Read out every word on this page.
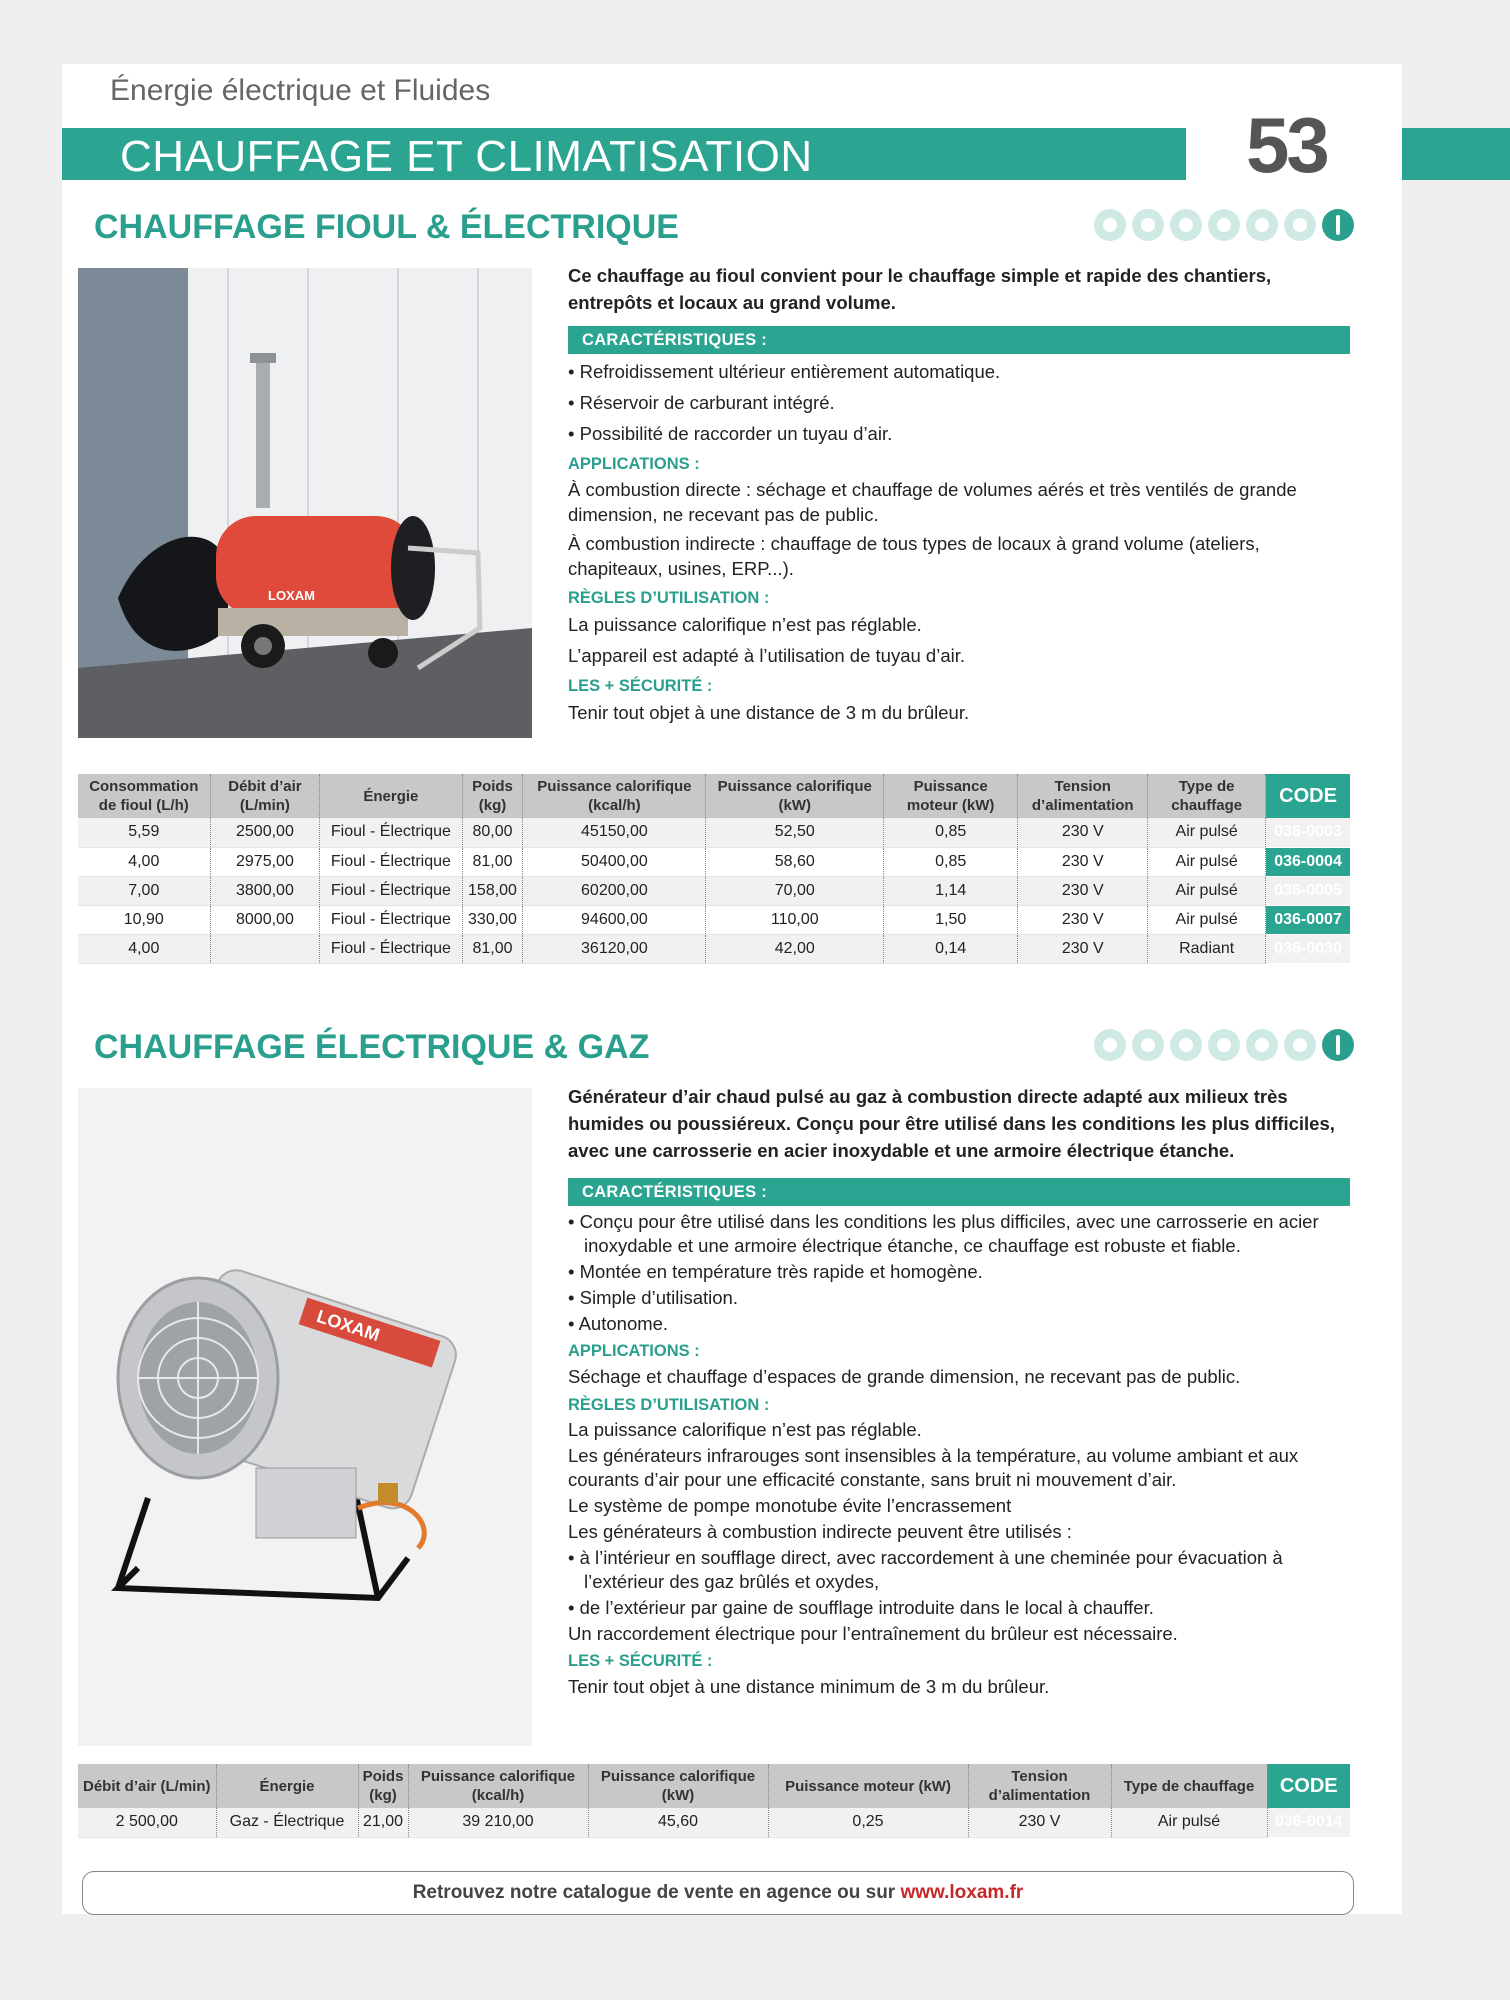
Énergie électrique et Fluides
CHAUFFAGE ET CLIMATISATION	53
CHAUFFAGE FIOUL & ÉLECTRIQUE
LOXAM

Ce chauffage au fioul convient pour le chauffage simple et rapide des chantiers, entrepôts et locaux au grand volume.

CARACTÉRISTIQUES :

• Refroidissement ultérieur entièrement automatique.

• Réservoir de carburant intégré.

• Possibilité de raccorder un tuyau d’air.

APPLICATIONS :

À combustion directe : séchage et chauffage de volumes aérés et très ventilés de grande dimension, ne recevant pas de public.

À combustion indirecte : chauffage de tous types de locaux à grand volume (ateliers, chapiteaux, usines, ERP...).

RÈGLES D’UTILISATION :

La puissance calorifique n’est pas réglable.

L’appareil est adapté à l’utilisation de tuyau d’air.

LES + SÉCURITÉ :

Tenir tout objet à une distance de 3 m du brûleur.

Consommation de fioul (L/h)	Débit d’air (L/min)	Énergie	Poids (kg)	Puissance calorifique (kcal/h)	Puissance calorifique (kW)	Puissance moteur (kW)	Tension d’alimentation	Type de chauffage	CODE
5,59	2500,00	Fioul - Électrique	80,00	45150,00	52,50	0,85	230 V	Air pulsé	036-0003
4,00	2975,00	Fioul - Électrique	81,00	50400,00	58,60	0,85	230 V	Air pulsé	036-0004
7,00	3800,00	Fioul - Électrique	158,00	60200,00	70,00	1,14	230 V	Air pulsé	036-0005
10,90	8000,00	Fioul - Électrique	330,00	94600,00	110,00	1,50	230 V	Air pulsé	036-0007
4,00		Fioul - Électrique	81,00	36120,00	42,00	0,14	230 V	Radiant	036-0030
CHAUFFAGE ÉLECTRIQUE & GAZ
LOXAM

Générateur d’air chaud pulsé au gaz à combustion directe adapté aux milieux très humides ou poussiéreux. Conçu pour être utilisé dans les conditions les plus difficiles, avec une carrosserie en acier inoxydable et une armoire électrique étanche.

CARACTÉRISTIQUES :

• Conçu pour être utilisé dans les conditions les plus difficiles, avec une carrosserie en acier inoxydable et une armoire électrique étanche, ce chauffage est robuste et fiable.

• Montée en température très rapide et homogène.

• Simple d’utilisation.

• Autonome.

APPLICATIONS :

Séchage et chauffage d’espaces de grande dimension, ne recevant pas de public.

RÈGLES D’UTILISATION :

La puissance calorifique n’est pas réglable.

Les générateurs infrarouges sont insensibles à la température, au volume ambiant et aux courants d’air pour une efficacité constante, sans bruit ni mouvement d’air.

Le système de pompe monotube évite l’encrassement

Les générateurs à combustion indirecte peuvent être utilisés :

• à l’intérieur en soufflage direct, avec raccordement à une cheminée pour évacuation à l’extérieur des gaz brûlés et oxydes,

• de l’extérieur par gaine de soufflage introduite dans le local à chauffer.

Un raccordement électrique pour l’entraînement du brûleur est nécessaire.

LES + SÉCURITÉ :

Tenir tout objet à une distance minimum de 3 m du brûleur.

Débit d’air (L/min)	Énergie	Poids (kg)	Puissance calorifique (kcal/h)	Puissance calorifique (kW)	Puissance moteur (kW)	Tension d’alimentation	Type de chauffage	CODE
2 500,00	Gaz - Électrique	21,00	39 210,00	45,60	0,25	230 V	Air pulsé	036-0014
Retrouvez notre catalogue de vente en agence ou sur www.loxam.fr
